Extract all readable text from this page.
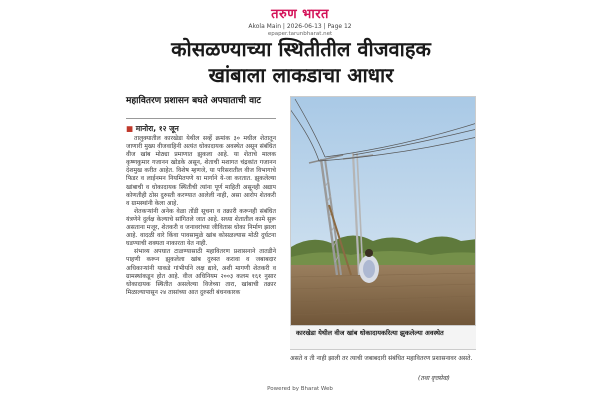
तरुण भारत
Akola Main | 2026-06-13 | Page 12
epaper.tarunbharat.net
कोसळण्याच्या स्थितीतील वीजवाहक
खांबाला लाकडाचा आधार
महावितरण प्रशासन बघते अपघाताची वाट
■ मानोरा, १२ जून

तालुक्यातील कारखेडा येथील सर्व्हे क्रमांक ३० मधील शेतातून जाणारी मुख्य वीजवाहिनी अत्यंत धोकादायक अवस्थेत असून संबंधित वीज खांब मोठ्या प्रमाणात झुकला आहे. या शेताचे मालक कृष्णकुमार गजानन खोडके असून, शेताची मशागत चंद्रकांत गजानन देशमुख करीत आहेत. विशेष म्हणजे, या परिसरातील वीज विभागाचे फिडर व लाईनमन नियमितपणे या मार्गाने ये-जा करतात. झुकलेल्या खांबाची व धोकादायक स्थितीची त्यांना पूर्ण माहिती असूनही अद्याप कोणतीही ठोस दुरुस्ती करण्यात आलेली नाही, असा आरोप शेतकरी व ग्रामस्थांनी केला आहे.

शेतकऱ्यांनी अनेक वेळा तोंडी सूचना व तक्रारी करूनही संबंधित यंत्रणेने दुर्लक्ष केल्याचे सांगितले जात आहे. सध्या शेतातील कामे सुरू असताना मजूर, शेतकरी व जनावरांच्या जीवितास धोका निर्माण झाला आहे. वादळी वारे किंवा पावसामुळे खांब कोसळल्यास मोठी दुर्घटना घडण्याची शक्यता नाकारता येत नाही.

संभाव्य अपघात टाळण्यासाठी महावितरण प्रशासनाने तातडीने पाहणी करून झुकलेला खांब दुरुस्त करावा व जबाबदार अधिकाऱ्यांनी याकडे गांभीर्याने लक्ष द्यावे, अशी मागणी शेतकरी व ग्रामस्थांकडून होत आहे. वीज अधिनियम २००३ कलम १६१ नुसार धोकादायक स्थितीत असलेल्या विजेच्या तारा, खांबाची तक्रार मिळाल्यापासून २४ तासांच्या आत दुरुस्ती बंधनकारक

कारखेडा येथील वीज खांब धोकादायकरित्या झुकलेल्या अवस्थेत
असते व ती नाही झाली तर त्याची जबाबदारी संबंधित महावितरण प्रशासनावर असते.
(तथा वृत्तसेवा)
Powered by Bharat Web
